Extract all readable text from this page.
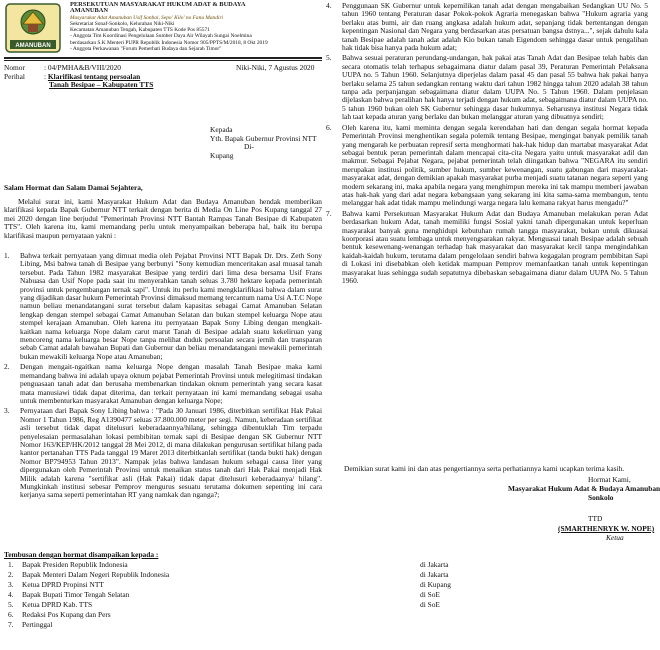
AMANUBAN
PERSEKUTUAN MASYARAKAT HUKUM ADAT & BUDAYA
AMANUBAN
Masyarakat Adat Amanuban Usif Sonbai, Sepo' Kilo' no Fanu Mandiri
Sekretariat Sonaf-Sonkolo, Kelurahan Niki-Niki
Kecamatan Amanuban Tengah, Kabupaten TTS Kode Pos 85571
- Anggota Tim Koordinasi Pengelolaan Sumber Daya Air Wilayah Sungai Noelmina
berdasarkan S.K Menteri PUPR Republik Indonesia Nomor 905/PPTS/M/2018, 8 Okt 2019
- Anggota Perkawanan "Forum Pemerhati Budaya dan Sejarah Timor"
Nomor	: 04/PMHA&B/VIII/2020
Perihal	: Klarifikasi tentang persoalan
Tanah Besipae – Kabupaten TTS
Kepada
Yth. Bapak Gubernur Provinsi NTT
Di-
Kupang
Salam Hormat dan Salam Damai Sejahtera,

Melalui surat ini, kami Masyarakat Hukum Adat dan Budaya Amanuban hendak memberikan klarifikasi kepada Bapak Gubernur NTT terkait dengan berita di Media On Line Pos Kupang tanggal 27 mei 2020 dengan line berjudul "Pemerintah Provinsi NTT Bantah Rampas Tanah Besipae di Kabupaten TTS". Oleh karena itu, kami memandang perlu untuk menyampaikan beberapa hal, baik itu berupa klarifikasi maupun pernyataan yakni :

1. Bahwa terkait pernyataan yang dimuat media oleh Pejabat Provinsi NTT Bapak Dr. Drs. Zeth Sony Libing, Msi bahwa tanah di Besipae yang berbunyi "Sony kemudian menceritakan asal muasal tanah tersebut. Pada Tahun 1982 masyarakat Besipae yang terdiri dari lima desa bersama Usif Frans Nabuasa dan Usif Nope pada saat itu menyerahkan tanah seluas 3.780 hektare kepada pemerintah provinsi untuk pengembangan ternak sapi". Untuk itu perlu kami mengklarifikasi bahwa dalam surat yang dijadikan dasar hukum Pemerintah Provinsi dimaksud memang tercantum nama Usi A.T.C Nope namun beliau menandatangani surat tersebut dalam kapasitas sebagai Camat Amanuban Selatan lengkap dengan stempel sebagai Camat Amanuban Selatan dan bukan stempel keluarga Nope atau stempel kerajaan Amanuban. Oleh karena itu pernyataan Bapak Sony Libing dengan mengkait-kaitkan nama keluarga Nope dalam carut marut Tanah di Besipae adalah suatu kekeliruan yang mencoreng nama keluarga besar Nope tanpa melihat duduk persoalan secara jernih dan transparan sebab Camat adalah bawahan Bupati dan Gubernur dan beliau menandatangani mewakili pemerintah bukan mewakili keluarga Nope atau Amanuban;

2. Dengan mengait-ngaitkan nama keluarga Nope dengan masalah Tanah Besipae maka kami memandang bahwa ini adalah upaya oknum pejabat Pemerintah Provinsi untuk melegitimasi tindakan penguasaan tanah adat dan berusaha membenarkan tindakan oknum pemerintah yang secara kasat mata manusiawi tidak dapat diterima, dan terkait pernyataan ini kami memandang sebagai usaha untuk membenturkan masyarakat Amanuban dengan keluarga Nope;

3. Pernyataan dari Bapak Sony Libing bahwa : "Pada 30 Januari 1986, diterbitkan sertifikat Hak Pakai Nomor 1 Tahun 1986, Reg A1390477 seluas 37.800.000 meter per segi. Namun, keberadaan sertifikat asli tersebut tidak dapat ditelusuri keberadaannya/hilang, sehingga dibentuklah Tim terpadu penyelesaian permasalahan lokasi pembibitan ternak sapi di Besipae dengan SK Gubernur NTT Nomor 163/KEP/HK/2012 tanggal 28 Mei 2012, di mana dilakukan pengurusan sertifikat hilang pada kantor pertanahan TTS Pada tanggal 19 Maret 2013 diterbitkanlah sertifikat (tanda bukti hak) dengan Nomor BP794953 Tahun 2013". Nampak jelas bahwa landasan hukum sebagai causa liter yang dipergunakan oleh Pemerintah Provinsi untuk menaikan status tanah dari Hak Pakai menjadi Hak Milik adalah karena "sertifikat asli (Hak Pakai) tidak dapat ditelusuri keberadaanya/ hilang". Mungkinkah institusi sebesar Pemprov mengurus sesuatu terutama dokumen sepenting ini cara kerjanya sama seperti pemerintahan RT yang namkak dan nganga?;

Niki-Niki, 7 Agustus 2020
4. Penggunaan SK Gubernur untuk kepemilikan tanah adat dengan mengabaikan Sedangkan UU No. 5 tahun 1960 tentang Peraturan dasar Pokok-pokok Agraria menegaskan bahwa "Hukum agraria yang berlaku atas bumi, air dan ruang angkasa adalah hukum adat, sepanjang tidak bertentangan dengan kepentingan Nasional dan Negara yang berdasarkan atas persatuan bangsa dstnya...", sejak dahulu kala tanah Besipae adalah tanah adat adalah Kio bukan tanah Eigendom sehingga dasar untuk pengalihan hak tidak bisa hanya pada hukum adat;

5. Bahwa sesuai peraturan perundang-undangan, hak pakai atas Tanah Adat dan Besipae telah habis dan secara otomatis telah terhapus sebagaimana diatur dalam pasal 39, Peraturan Pemerintah Pelaksana UUPA no. 5 Tahun 1960. Selanjutnya diperjelas dalam pasal 45 dan pasal 55 bahwa hak pakai hanya berlaku selama 25 tahun sedangkan rentang waktu dari tahun 1982 hingga tahun 2020 adalah 38 tahun tanpa ada perpanjangan sebagaimana diatur dalam UUPA No. 5 Tahun 1960. Dalam penjelasan dijelaskan bahwa peralihan hak hanya terjadi dengan hukum adat, sebagaimana diatur dalam UUPA no. 5 tahun 1960 bukan oleh SK Gubernur sehingga dasar hukumnya. Seharusnya institusi Negara tidak lah taat kepada aturan yang berlaku dan bukan melanggar aturan yang dibuatnya sendiri;

6. Oleh karena itu, kami meminta dengan segala kerendahan hati dan dengan segala hormat kepada Pemerintah Provinsi menghentikan segala polemik tentang Besipae, mengingat banyak pemilik tanah yang mengarah ke perbuatan represif serta menghormati hak-hak hidup dan martabat masyarakat Adat sebagai bentuk peran pemerintah dalam mencapai cita-cita Negara yaitu untuk masyarakat adil dan makmur. Sebagai Pejabat Negara, pejabat pemerintah telah diingatkan bahwa "NEGARA itu sendiri merupakan institusi politik, sumber hukum, sumber kewenangan, suatu gabungan dari masyarakat-masyarakat adat, dengan demikian apakah masyarakat purba menjadi suatu tatanan negara seperti yang modern sekarang ini, maka apabila negara yang menghimpun mereka ini tak mampu memberi jawaban atas hak-hak yang dari adat negara kebangsaan yang sekarang ini kita sama-sama membangun, tentu melanggar hak adat tidak mampu melindungi warga negara lalu kemana rakyat harus mengadu?"

7. Bahwa kami Persekutuan Masyarakat Hukum Adat dan Budaya Amanuban melakukan peran Adat berdasarkan hukum Adat, tanah memiliki fungsi Sosial yakni tanah dipergunakan untuk keperluan masyarakat banyak guna menghidupi kebutuhan rumah tangga masyarakat, bukan untuk dikuasai koorporasi atau suatu lembaga untuk menyengsarakan rakyat. Menguasai tanah Besipae adalah sebuah bentuk kesewenang-wenangan terhadap hak masyarakat dan masyarakat kecil tanpa mengindahkan kaidah-kaidah hukum, terutama dalam pengelolaan sendiri bahwa kegagalan program pembibitan Sapi di Lokasi ini disebabkan oleh ketidak mampuan Pemprov memanfaatkan tanah untuk kepentingan masyarakat luas sehingga sudah sepatutnya dibebaskan sebagaimana diatur dalam UUPA No. 5 Tahun 1960.

Demikian surat kami ini dan atas pengertiannya serta perhatiannya kami ucapkan terima kasih.

Hormat Kami,
Masyarakat Hukum Adat & Budaya Amanuban
Sonkolo
TTD
(SMARTHENRYK W. NOPE)
Ketua
Tembusan dengan hormat disampaikan kepada :
1. Bapak Presiden Republik Indonesia	di Jakarta
2. Bapak Menteri Dalam Negeri Republik Indonesia	di Jakarta
3. Ketua DPRD Propinsi NTT	di Kupang
4. Bapak Bupati Timor Tengah Selatan	di SoE
5. Ketua DPRD Kab. TTS	di SoE
6. Redaksi Pos Kupang dan Pers
7. Pertinggal
